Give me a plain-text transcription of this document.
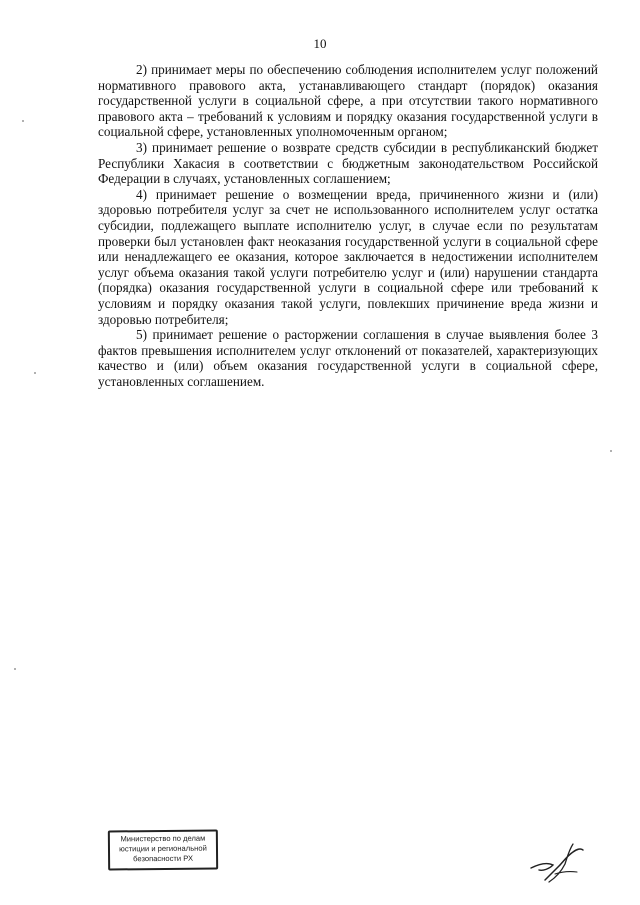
10

2) принимает меры по обеспечению соблюдения исполнителем услуг положений нормативного правового акта, устанавливающего стандарт (порядок) оказания государственной услуги в социальной сфере, а при отсутствии такого нормативного правового акта – требований к условиям и порядку оказания государственной услуги в социальной сфере, установленных уполномоченным органом;

3) принимает решение о возврате средств субсидии в республиканский бюджет Республики Хакасия в соответствии с бюджетным законодательством Российской Федерации в случаях, установленных соглашением;

4) принимает решение о возмещении вреда, причиненного жизни и (или) здоровью потребителя услуг за счет не использованного исполнителем услуг остатка субсидии, подлежащего выплате исполнителю услуг, в случае если по результатам проверки был установлен факт неоказания государственной услуги в социальной сфере или ненадлежащего ее оказания, которое заключается в недостижении исполнителем услуг объема оказания такой услуги потребителю услуг и (или) нарушении стандарта (порядка) оказания государственной услуги в социальной сфере или требований к условиям и порядку оказания такой услуги, повлекших причинение вреда жизни и здоровью потребителя;

5) принимает решение о расторжении соглашения в случае выявления более 3 фактов превышения исполнителем услуг отклонений от показателей, характеризующих качество и (или) объем оказания государственной услуги в социальной сфере, установленных соглашением.

Министерство по делам
юстиции и региональной
безопасности РХ
